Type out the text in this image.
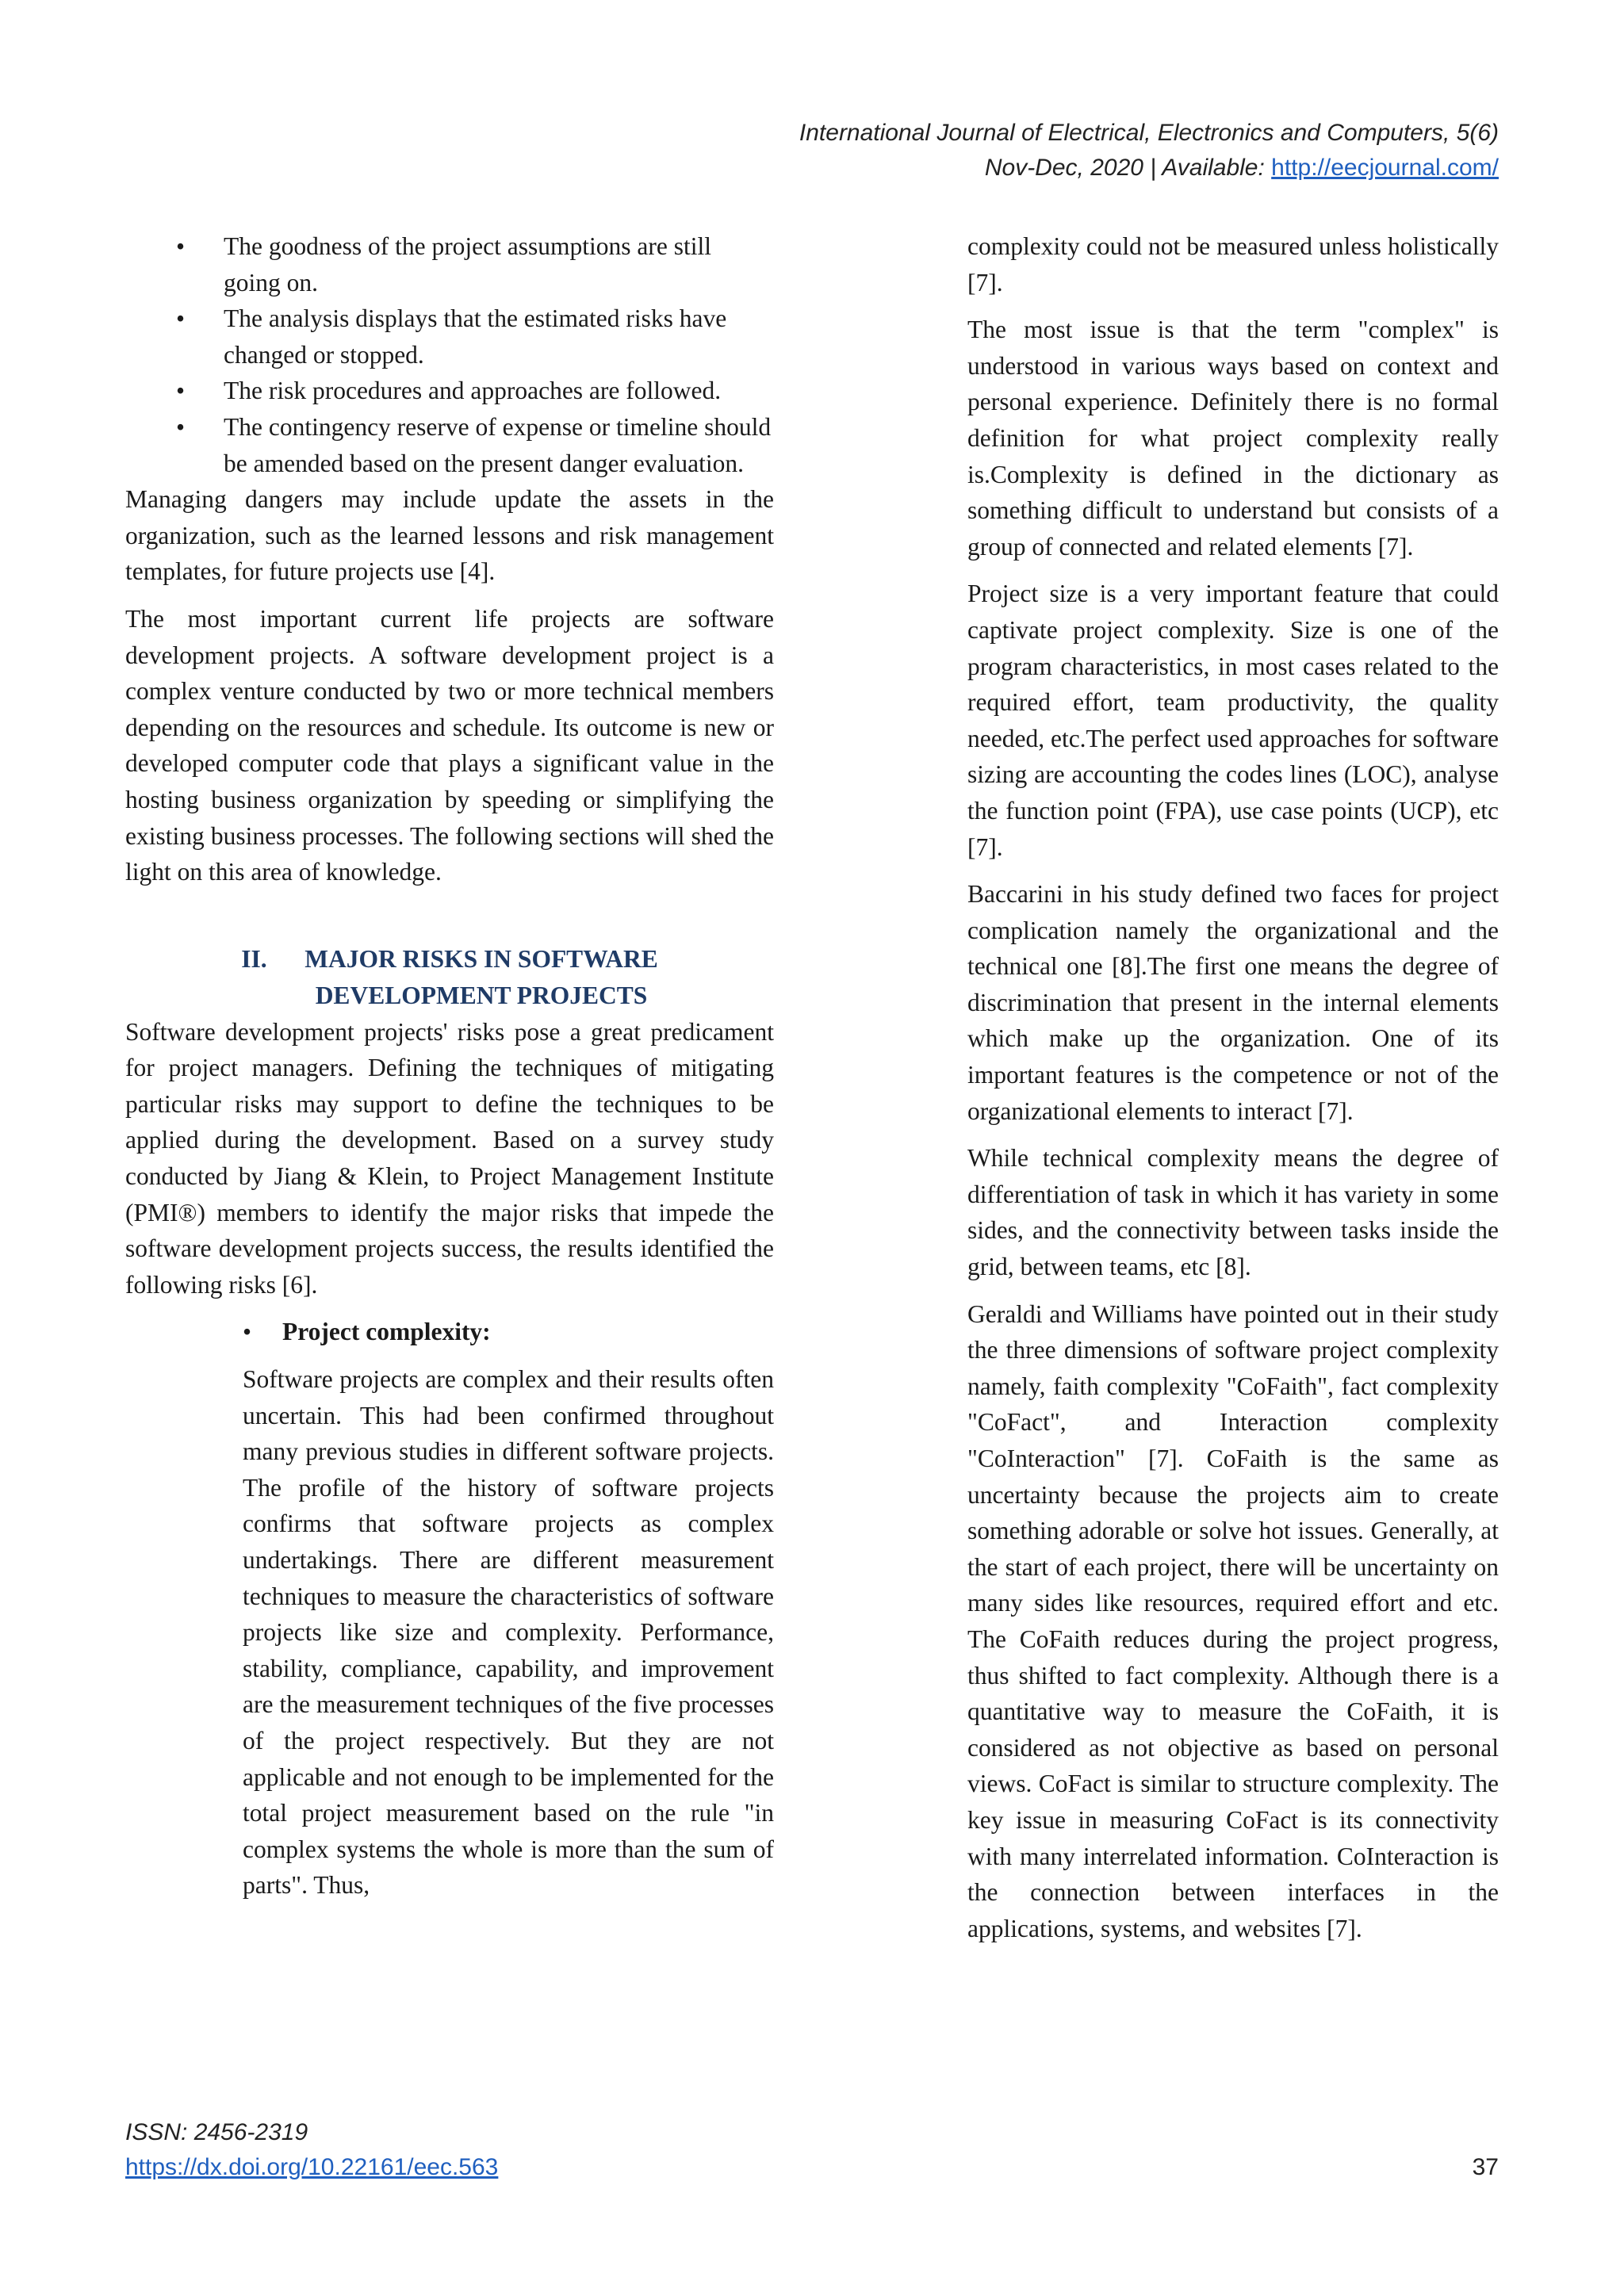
International Journal of Electrical, Electronics and Computers, 5(6)
Nov-Dec, 2020 | Available: http://eecjournal.com/
• The goodness of the project assumptions are still going on.
• The analysis displays that the estimated risks have changed or stopped.
• The risk procedures and approaches are followed.
• The contingency reserve of expense or timeline should be amended based on the present danger evaluation.

Managing dangers may include update the assets in the organization, such as the learned lessons and risk management templates, for future projects use [4].

The most important current life projects are software development projects. A software development project is a complex venture conducted by two or more technical members depending on the resources and schedule. Its outcome is new or developed computer code that plays a significant value in the hosting business organization by speeding or simplifying the existing business processes. The following sections will shed the light on this area of knowledge.

II. MAJOR RISKS IN SOFTWARE
DEVELOPMENT PROJECTS

Software development projects' risks pose a great predicament for project managers. Defining the techniques of mitigating particular risks may support to define the techniques to be applied during the development. Based on a survey study conducted by Jiang & Klein, to Project Management Institute (PMI®) members to identify the major risks that impede the software development projects success, the results identified the following risks [6].

• Project complexity:

Software projects are complex and their results often uncertain. This had been confirmed throughout many previous studies in different software projects. The profile of the history of software projects confirms that software projects as complex undertakings. There are different measurement techniques to measure the characteristics of software projects like size and complexity. Performance, stability, compliance, capability, and improvement are the measurement techniques of the five processes of the project respectively. But they are not applicable and not enough to be implemented for the total project measurement based on the rule "in complex systems the whole is more than the sum of parts". Thus,

complexity could not be measured unless holistically [7].

The most issue is that the term "complex" is understood in various ways based on context and personal experience. Definitely there is no formal definition for what project complexity really is.Complexity is defined in the dictionary as something difficult to understand but consists of a group of connected and related elements [7].

Project size is a very important feature that could captivate project complexity. Size is one of the program characteristics, in most cases related to the required effort, team productivity, the quality needed, etc.The perfect used approaches for software sizing are accounting the codes lines (LOC), analyse the function point (FPA), use case points (UCP), etc [7].

Baccarini in his study defined two faces for project complication namely the organizational and the technical one [8].The first one means the degree of discrimination that present in the internal elements which make up the organization. One of its important features is the competence or not of the organizational elements to interact [7].

While technical complexity means the degree of differentiation of task in which it has variety in some sides, and the connectivity between tasks inside the grid, between teams, etc [8].

Geraldi and Williams have pointed out in their study the three dimensions of software project complexity namely, faith complexity "CoFaith", fact complexity "CoFact", and Interaction complexity "CoInteraction" [7]. CoFaith is the same as uncertainty because the projects aim to create something adorable or solve hot issues. Generally, at the start of each project, there will be uncertainty on many sides like resources, required effort and etc. The CoFaith reduces during the project progress, thus shifted to fact complexity. Although there is a quantitative way to measure the CoFaith, it is considered as not objective as based on personal views. CoFact is similar to structure complexity. The key issue in measuring CoFact is its connectivity with many interrelated information. CoInteraction is the connection between interfaces in the applications, systems, and websites [7].

ISSN: 2456-2319
https://dx.doi.org/10.22161/eec.563	37
